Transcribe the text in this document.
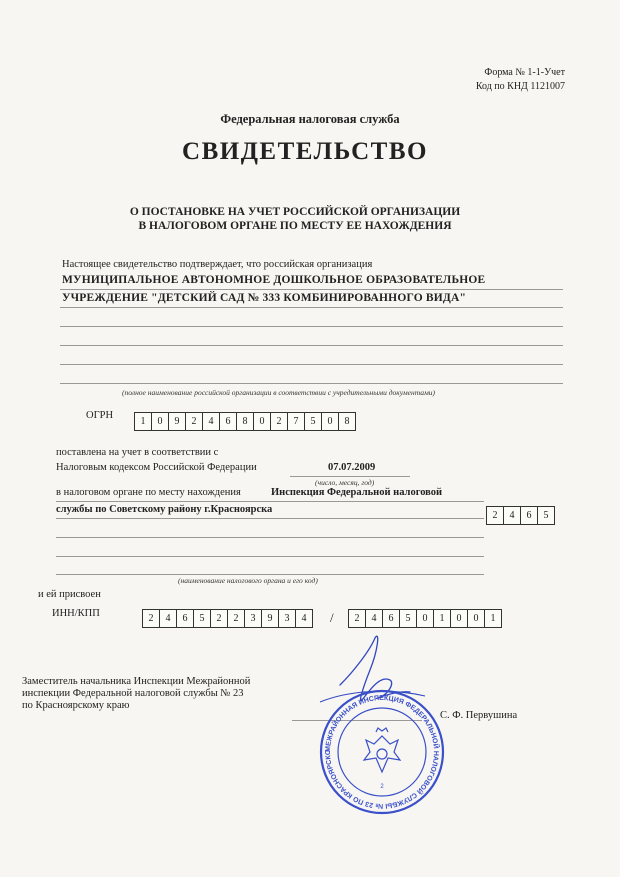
Форма № 1-1-Учет
Код по КНД 1121007
Федеральная налоговая служба
СВИДЕТЕЛЬСТВО
О ПОСТАНОВКЕ НА УЧЕТ РОССИЙСКОЙ ОРГАНИЗАЦИИ
В НАЛОГОВОМ ОРГАНЕ ПО МЕСТУ ЕЕ НАХОЖДЕНИЯ
Настоящее свидетельство подтверждает, что российская организация
МУНИЦИПАЛЬНОЕ АВТОНОМНОЕ ДОШКОЛЬНОЕ ОБРАЗОВАТЕЛЬНОЕ
УЧРЕЖДЕНИЕ "ДЕТСКИЙ САД № 333 КОМБИНИРОВАННОГО ВИДА"
(полное наименование российской организации в соответствии с учредительными документами)
ОГРН
1	0	9	2	4	6	8	0	2	7	5	0	8
поставлена на учет в соответствии с
Налоговым кодексом Российской Федерации	07.07.2009
(число, месяц, год)
в налоговом органе по месту нахождения	Инспекция Федеральной налоговой
службы по Советскому району г.Красноярска
(наименование налогового органа и его код)
2	4	6	5
и ей присвоен
ИНН/КПП	2	4	6	5	2	2	3	9	3	4	/	2	4	6	5	0	1	0	0	1
Заместитель начальника Инспекции Межрайонной
инспекции Федеральной налоговой службы № 23
по Красноярскому краю
С. Ф. Первушина
МЕЖРАЙОННАЯ ИНСПЕКЦИЯ ФЕДЕРАЛЬНОЙ НАЛОГОВОЙ СЛУЖБЫ № 23 ПО КРАСНОЯРСКО
2
